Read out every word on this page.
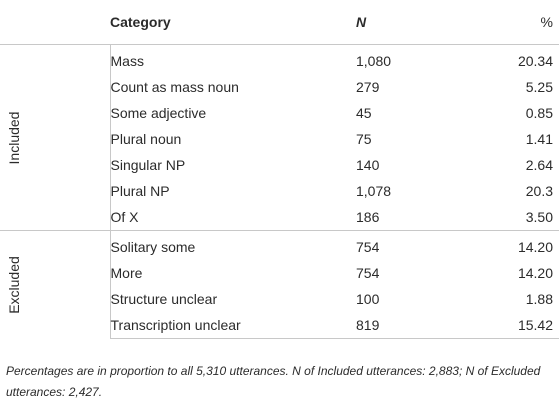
	Category	N	%

Included	Mass	1,080	20.34
	Count as mass noun	279	5.25
	Some adjective	45	0.85
	Plural noun	75	1.41
	Singular NP	140	2.64
	Plural NP	1,078	20.3
	Of X	186	3.50

Excluded	Solitary some	754	14.20
	More	754	14.20
	Structure unclear	100	1.88
	Transcription unclear	819	15.42
Percentages are in proportion to all 5,310 utterances. N of Included utterances: 2,883; N of Excluded utterances: 2,427.
